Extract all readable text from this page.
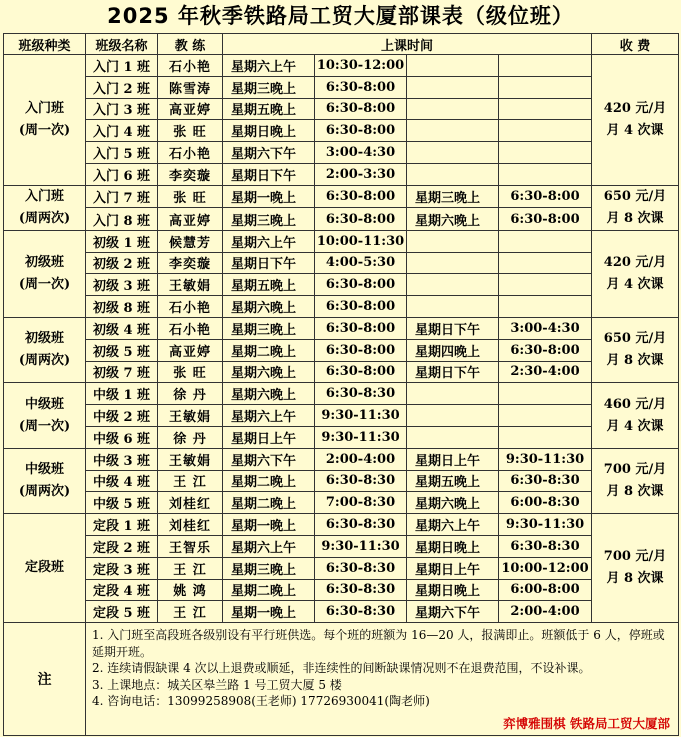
2025 年秋季铁路局工贸大厦部课表（级位班）
班级种类	班级名称	教 练	上课时间				收 费
入门班
(周一次)	入门 1 班	石小艳	星期六上午	10:30-12:00			420 元/月
月 4 次课
	入门 2 班	陈雪涛	星期三晚上	6:30-8:00			
	入门 3 班	高亚婷	星期五晚上	6:30-8:00			
	入门 4 班	张 旺	星期日晚上	6:30-8:00			
	入门 5 班	石小艳	星期六下午	3:00-4:30			
	入门 6 班	李奕璇	星期日下午	2:00-3:30			
入门班
(周两次)	入门 7 班	张 旺	星期一晚上	6:30-8:00	星期三晚上	6:30-8:00	650 元/月
月 8 次课
	入门 8 班	高亚婷	星期三晚上	6:30-8:00	星期六晚上	6:30-8:00	
初级班
(周一次)	初级 1 班	候慧芳	星期六上午	10:00-11:30			420 元/月
月 4 次课
	初级 2 班	李奕璇	星期日下午	4:00-5:30			
	初级 3 班	王敏娟	星期五晚上	6:30-8:00			
	初级 8 班	石小艳	星期六晚上	6:30-8:00			
初级班
(周两次)	初级 4 班	石小艳	星期三晚上	6:30-8:00	星期日下午	3:00-4:30	650 元/月
月 8 次课
	初级 5 班	高亚婷	星期二晚上	6:30-8:00	星期四晚上	6:30-8:00	
	初级 7 班	张 旺	星期六晚上	6:30-8:00	星期日下午	2:30-4:00	
中级班
(周一次)	中级 1 班	徐 丹	星期六晚上	6:30-8:30			460 元/月
月 4 次课
	中级 2 班	王敏娟	星期六上午	9:30-11:30			
	中级 6 班	徐 丹	星期日上午	9:30-11:30			
中级班
(周两次)	中级 3 班	王敏娟	星期六下午	2:00-4:00	星期日上午	9:30-11:30	700 元/月
月 8 次课
	中级 4 班	王 江	星期二晚上	6:30-8:30	星期五晚上	6:30-8:30	
	中级 5 班	刘桂红	星期二晚上	7:00-8:30	星期六晚上	6:00-8:30	
定段班	定段 1 班	刘桂红	星期一晚上	6:30-8:30	星期六上午	9:30-11:30	700 元/月
月 8 次课
	定段 2 班	王智乐	星期六上午	9:30-11:30	星期日晚上	6:30-8:30	
	定段 3 班	王 江	星期三晚上	6:30-8:30	星期日上午	10:00-12:00	
	定段 4 班	姚 鸿	星期二晚上	6:30-8:30	星期日晚上	6:00-8:00	
	定段 5 班	王 江	星期一晚上	6:30-8:30	星期六下午	2:00-4:00	
注	1. 入门班至高段班各级别设有平行班供选。每个班的班额为 16—20 人，报满即止。班额低于 6 人，停班或延期开班。
2. 连续请假缺课 4 次以上退费或顺延，非连续性的间断缺课情况则不在退费范围，不设补课。
3. 上课地点：城关区皋兰路 1 号工贸大厦 5 楼
4. 咨询电话：13099258908(王老师) 17726930041(陶老师)
弈博雅围棋 铁路局工贸大厦部						
